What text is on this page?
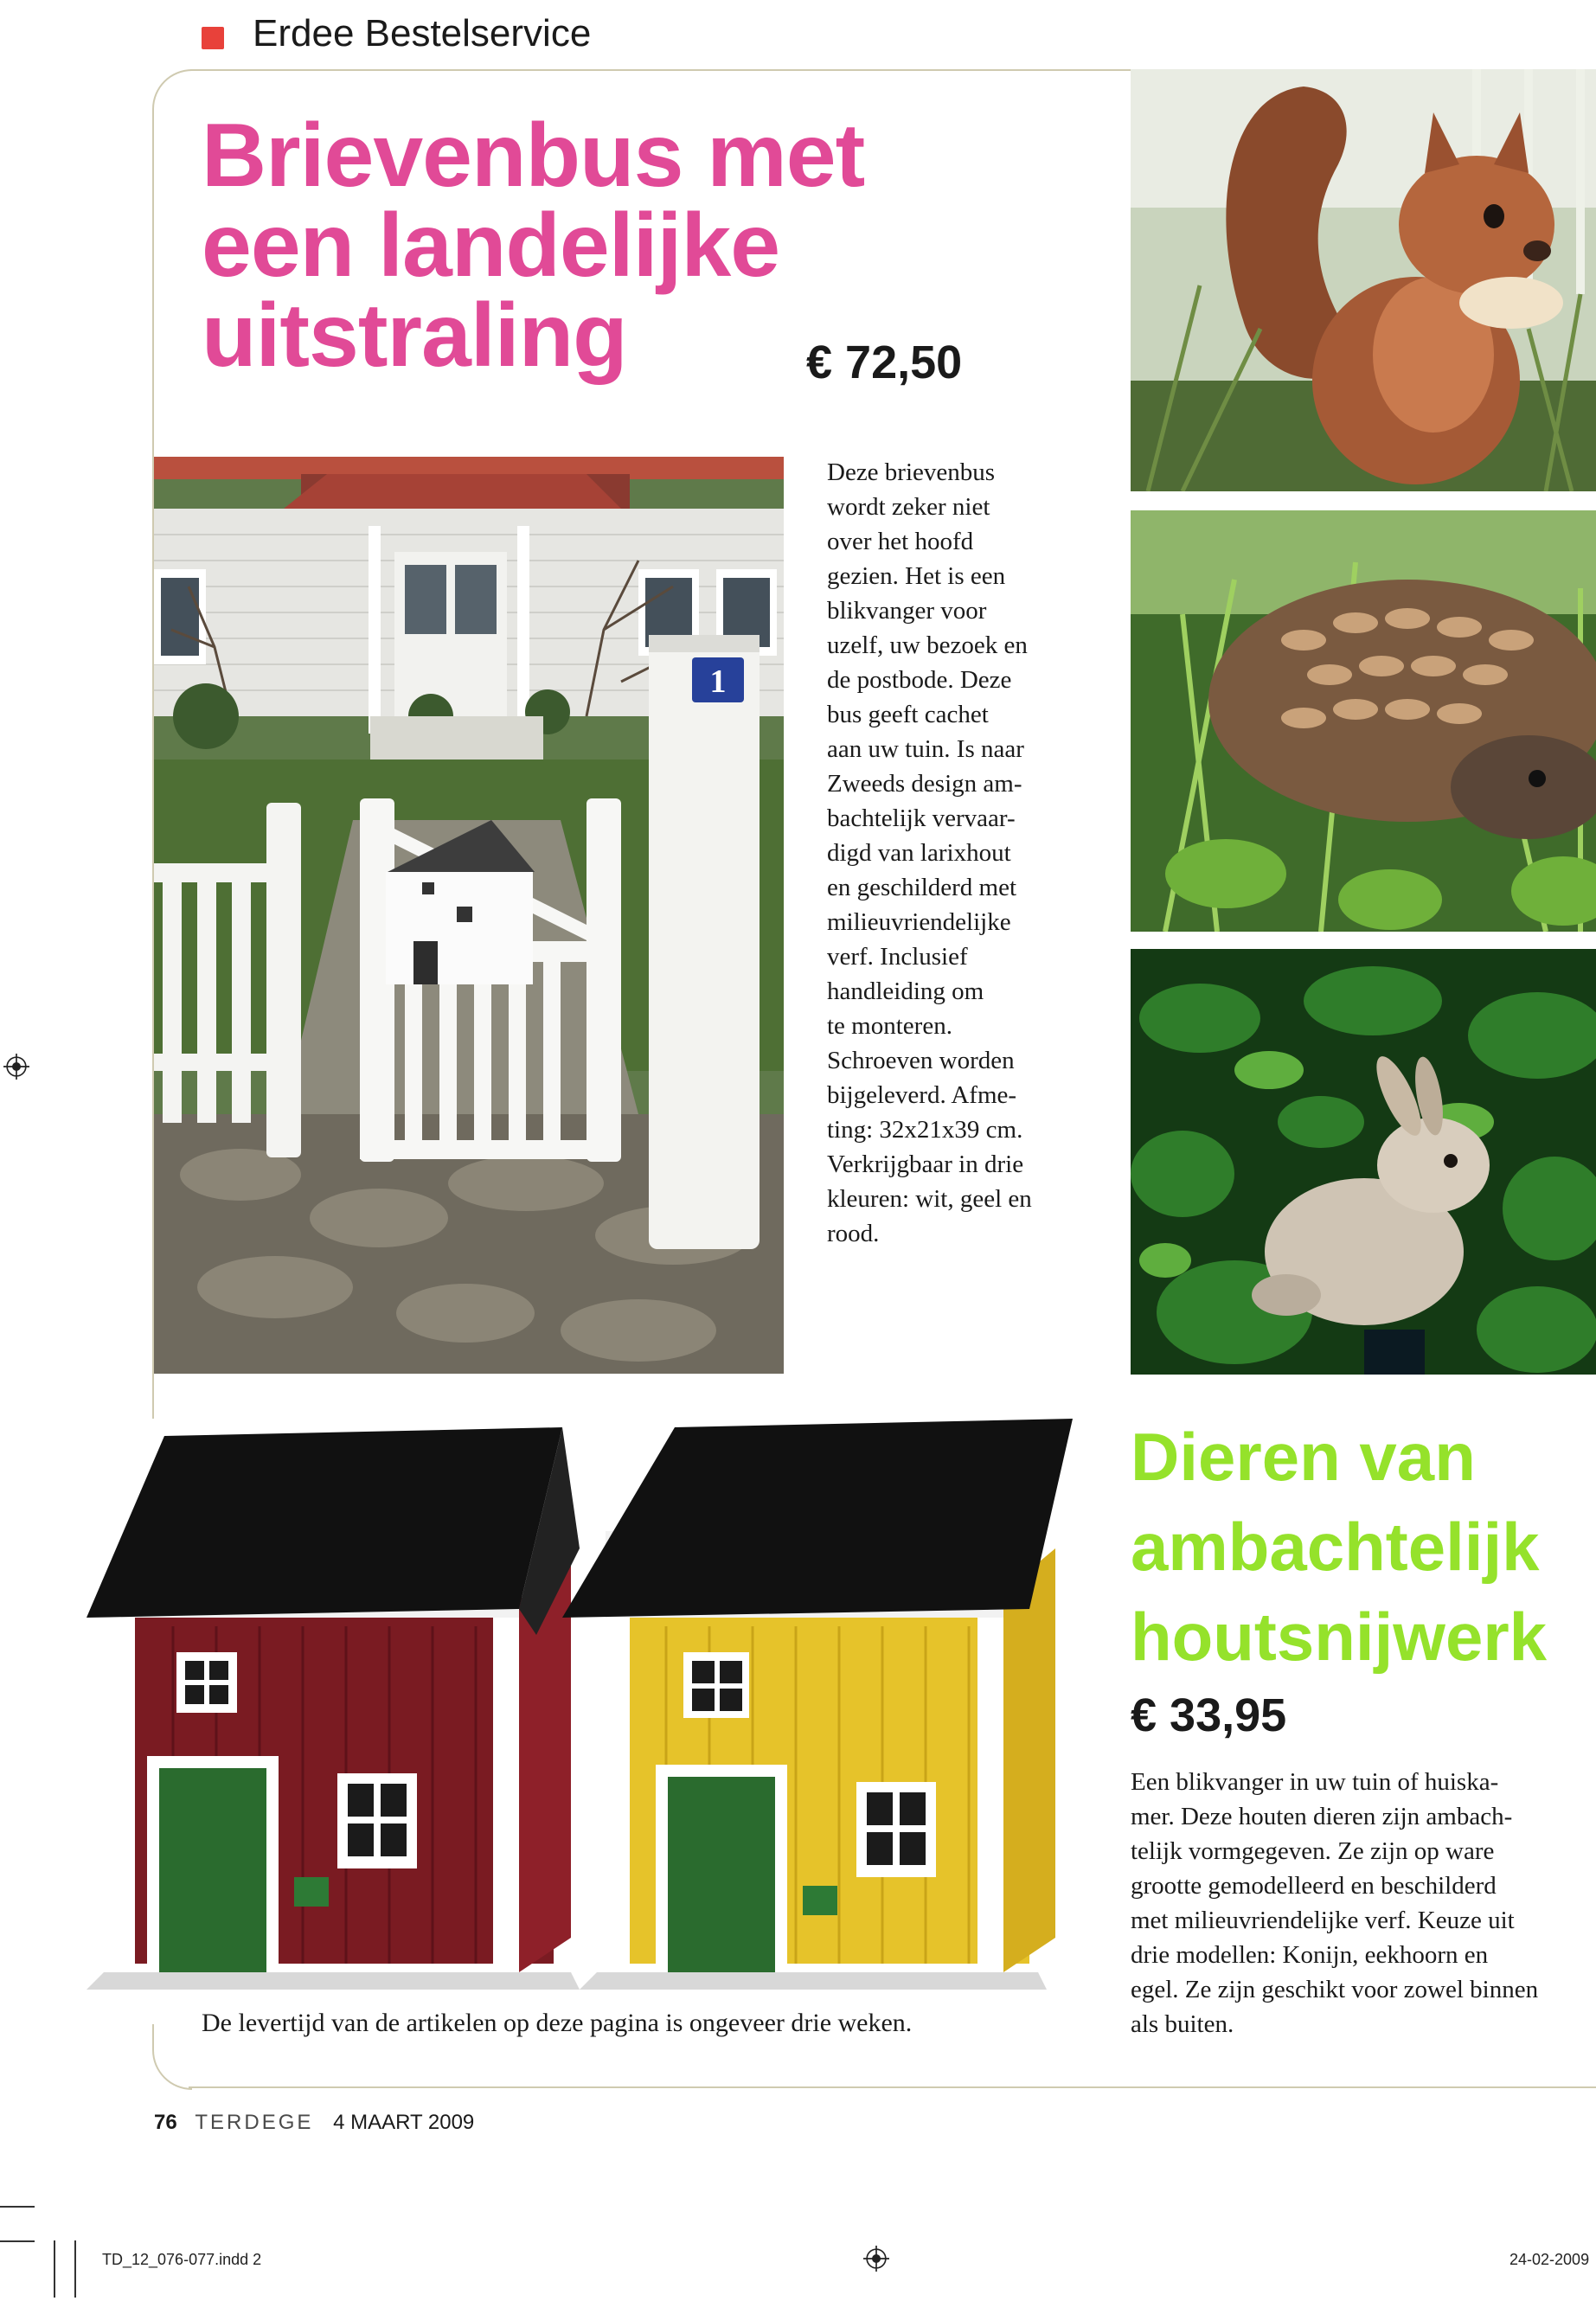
Erdee Bestelservice
Brievenbus met
een landelijke
uitstraling	€ 72,50
1
Deze brievenbus
wordt zeker niet
over het hoofd
gezien. Het is een
blikvanger voor
uzelf, uw bezoek en
de postbode. Deze
bus geeft cachet
aan uw tuin. Is naar
Zweeds design am-
bachtelijk vervaar-
digd van larixhout
en geschilderd met
milieuvriendelijke
verf. Inclusief
handleiding om
te monteren.
Schroeven worden
bijgeleverd. Afme-
ting: 32x21x39 cm.
Verkrijgbaar in drie
kleuren: wit, geel en
rood.
Dieren van
ambachtelijk
houtsnijwerk
€ 33,95
Een blikvanger in uw tuin of huiska-
mer. Deze houten dieren zijn ambach-
telijk vormgegeven. Ze zijn op ware
grootte gemodelleerd en beschilderd
met milieuvriendelijke verf. Keuze uit
drie modellen: Konijn, eekhoorn en
egel. Ze zijn geschikt voor zowel binnen
als buiten.
De levertijd van de artikelen op deze pagina is ongeveer drie weken.
76 TERDEGE 4 MAART 2009
TD_12_076-077.indd 2	24-02-2009
